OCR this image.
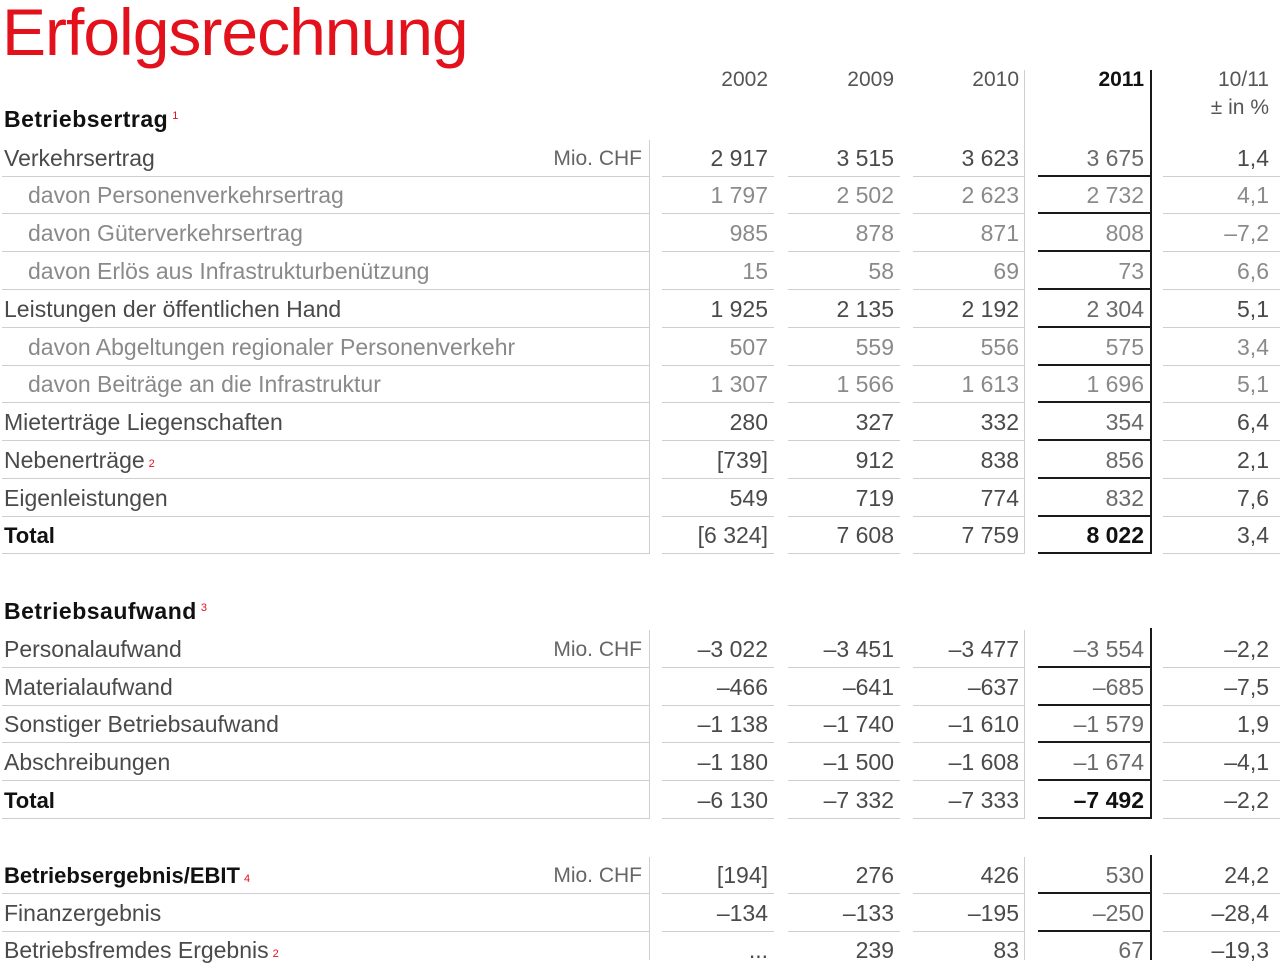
Erfolgsrechnung
2002	2009	2010	2011	10/11
± in %
Betriebsertrag $^1$
Verkehrsertrag	Mio. CHF	2 917	3 515	3 623	3 675	1,4
davon Personenverkehrsertrag	1 797	2 502	2 623	2 732	4,1
davon Güterverkehrsertrag	985	878	871	808	–7,2
davon Erlös aus Infrastrukturbenützung	15	58	69	73	6,6
Leistungen der öffentlichen Hand	1 925	2 135	2 192	2 304	5,1
davon Abgeltungen regionaler Personenverkehr	507	559	556	575	3,4
davon Beiträge an die Infrastruktur	1 307	1 566	1 613	1 696	5,1
Mieterträge Liegenschaften	280	327	332	354	6,4
Nebenerträge $^2$	[739]	912	838	856	2,1
Eigenleistungen	549	719	774	832	7,6
Total	[6 324]	7 608	7 759	8 022	3,4
Betriebsaufwand $^3$
Personalaufwand	Mio. CHF	–3 022	–3 451	–3 477	–3 554	–2,2
Materialaufwand	–466	–641	–637	–685	–7,5
Sonstiger Betriebsaufwand	–1 138	–1 740	–1 610	–1 579	1,9
Abschreibungen	–1 180	–1 500	–1 608	–1 674	–4,1
Total	–6 130	–7 332	–7 333	–7 492	–2,2
Betriebsergebnis/EBIT $^4$	Mio. CHF	[194]	276	426	530	24,2
Finanzergebnis	–134	–133	–195	–250	–28,4
Betriebsfremdes Ergebnis $^2$	...	239	83	67	–19,3
